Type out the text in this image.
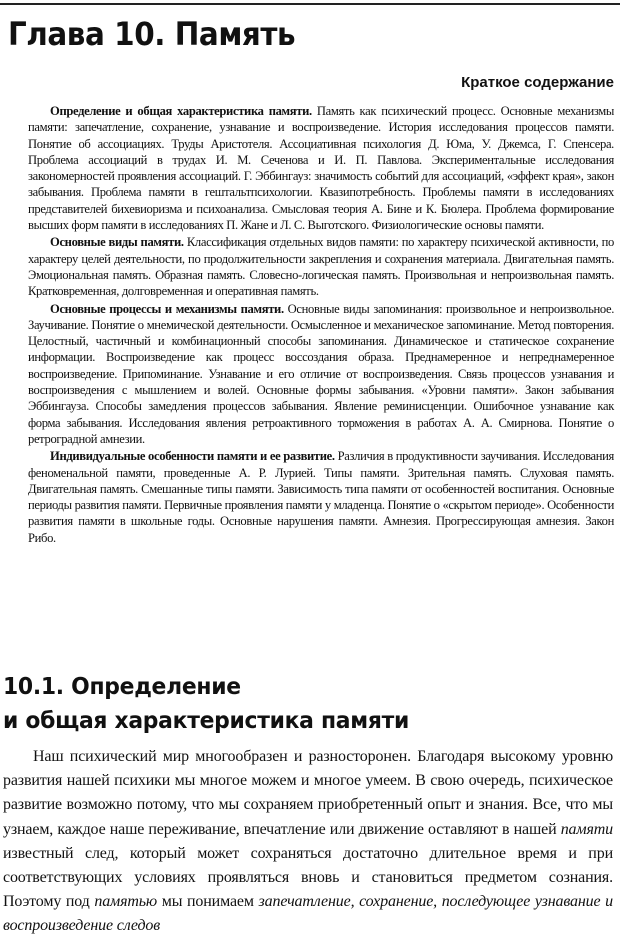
Глава 10. Память
Краткое содержание

Определение и общая характеристика памяти. Память как психический процесс. Основные механизмы памяти: запечатление, сохранение, узнавание и воспроизведение. История исследования процессов памяти. Понятие об ассоциациях. Труды Аристотеля. Ассоциативная психология Д. Юма, У. Джемса, Г. Спенсера. Проблема ассоциаций в трудах И. М. Сеченова и И. П. Павлова. Экспериментальные исследования закономерностей проявления ассоциаций. Г. Эббингауз: значимость событий для ассоциаций, «эффект края», закон забывания. Проблема памяти в гештальтпсихологии. Квазипотребность. Проблемы памяти в исследованиях представителей бихевиоризма и психоанализа. Смысловая теория А. Бине и К. Бюлера. Проблема формирование высших форм памяти в исследованиях П. Жане и Л. С. Выготского. Физиологические основы памяти.

Основные виды памяти. Классификация отдельных видов памяти: по характеру психической активности, по характеру целей деятельности, по продолжительности закрепления и сохранения материала. Двигательная память. Эмоциональная память. Образная память. Словесно-логическая память. Произвольная и непроизвольная память. Кратковременная, долговременная и оперативная память.

Основные процессы и механизмы памяти. Основные виды запоминания: произвольное и непроизвольное. Заучивание. Понятие о мнемической деятельности. Осмысленное и механическое запоминание. Метод повторения. Целостный, частичный и комбинационный способы запоминания. Динамическое и статическое сохранение информации. Воспроизведение как процесс воссоздания образа. Преднамеренное и непреднамеренное воспроизведение. Припоминание. Узнавание и его отличие от воспроизведения. Связь процессов узнавания и воспроизведения с мышлением и волей. Основные формы забывания. «Уровни памяти». Закон забывания Эббингауза. Способы замедления процессов забывания. Явление реминисценции. Ошибочное узнавание как форма забывания. Исследования явления ретроактивного торможения в работах А. А. Смирнова. Понятие о ретроградной амнезии.

Индивидуальные особенности памяти и ее развитие. Различия в продуктивности заучивания. Исследования феноменальной памяти, проведенные А. Р. Лурией. Типы памяти. Зрительная память. Слуховая память. Двигательная память. Смешанные типы памяти. Зависимость типа памяти от особенностей воспитания. Основные периоды развития памяти. Первичные проявления памяти у младенца. Понятие о «скрытом периоде». Особенности развития памяти в школьные годы. Основные нарушения памяти. Амнезия. Прогрессирующая амнезия. Закон Рибо.

10.1. Определение
и общая характеристика памяти

Наш психический мир многообразен и разносторонен. Благодаря высокому уровню развития нашей психики мы многое можем и многое умеем. В свою очередь, психическое развитие возможно потому, что мы сохраняем приобретенный опыт и знания. Все, что мы узнаем, каждое наше переживание, впечатление или движение оставляют в нашей памяти известный след, который может сохраняться достаточно длительное время и при соответствующих условиях проявляться вновь и становиться предметом сознания. Поэтому под памятью мы понимаем запечатление, сохранение, последующее узнавание и воспроизведение следов
